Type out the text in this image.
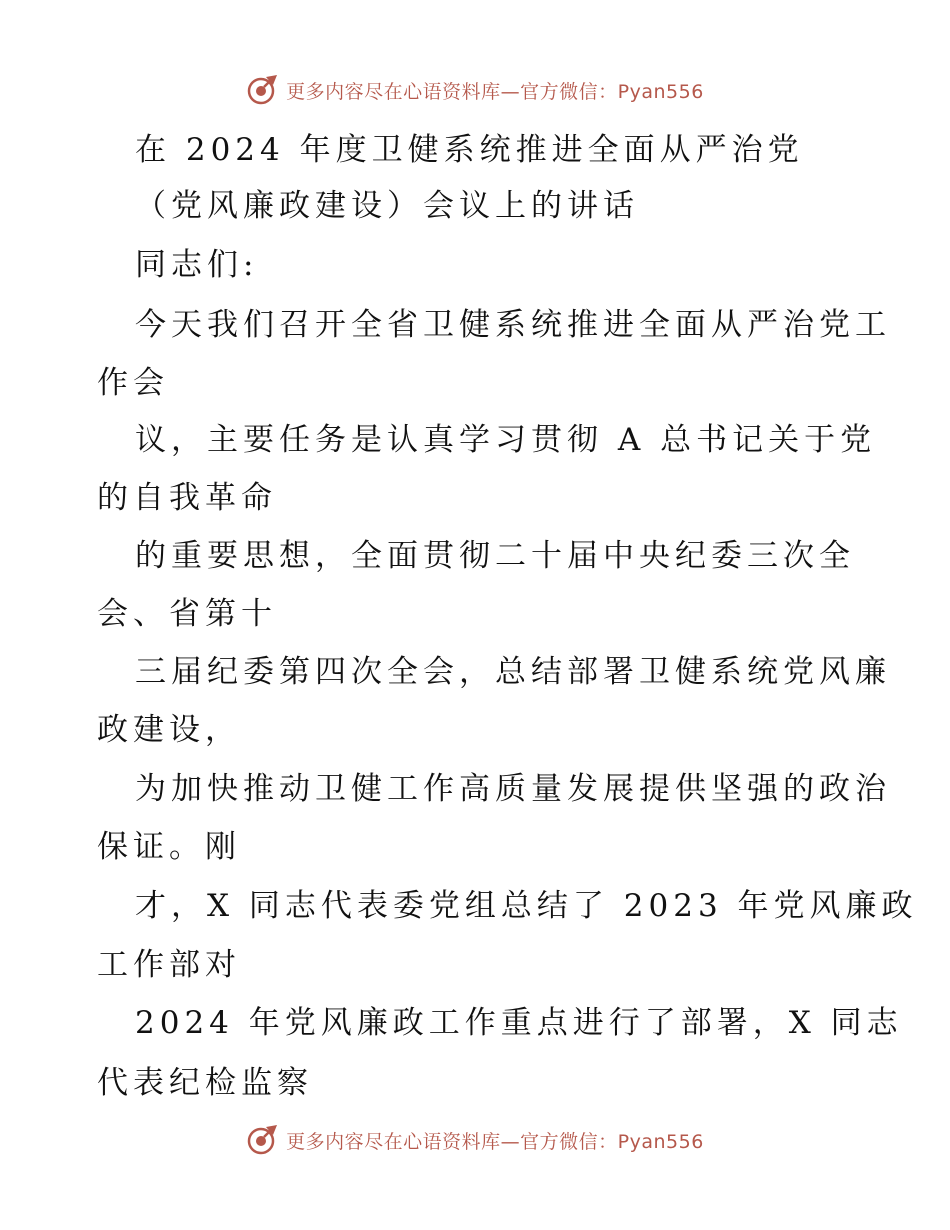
更多内容尽在心语资料库—官方微信：Pyan556
在 2024 年度卫健系统推进全面从严治党
（党风廉政建设）会议上的讲话
同志们:
今天我们召开全省卫健系统推进全面从严治党工
作会
议，主要任务是认真学习贯彻 A 总书记关于党
的自我革命
的重要思想，全面贯彻二十届中央纪委三次全
会、省第十
三届纪委第四次全会，总结部署卫健系统党风廉
政建设，
为加快推动卫健工作高质量发展提供坚强的政治
保证。刚
才，X 同志代表委党组总结了 2023 年党风廉政
工作部对
2024 年党风廉政工作重点进行了部署，X 同志
代表纪检监察
更多内容尽在心语资料库—官方微信：Pyan556
